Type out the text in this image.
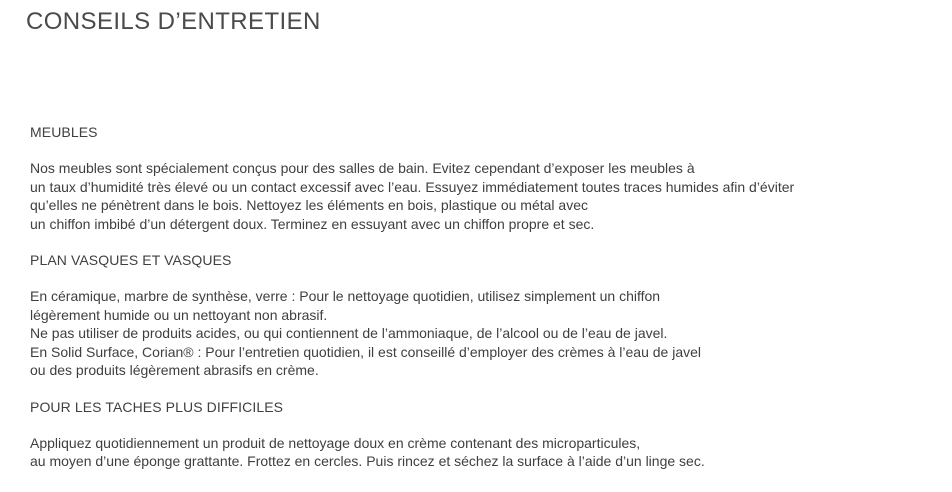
CONSEILS D’ENTRETIEN
MEUBLES

Nos meubles sont spécialement conçus pour des salles de bain. Evitez cependant d’exposer les meubles à
un taux d’humidité très élevé ou un contact excessif avec l’eau. Essuyez immédiatement toutes traces humides afin d’éviter
qu’elles ne pénètrent dans le bois. Nettoyez les éléments en bois, plastique ou métal avec
un chiffon imbibé d’un détergent doux. Terminez en essuyant avec un chiffon propre et sec.

PLAN VASQUES ET VASQUES

En céramique, marbre de synthèse, verre : Pour le nettoyage quotidien, utilisez simplement un chiffon
légèrement humide ou un nettoyant non abrasif.
Ne pas utiliser de produits acides, ou qui contiennent de l’ammoniaque, de l’alcool ou de l’eau de javel.
En Solid Surface, Corian® : Pour l’entretien quotidien, il est conseillé d’employer des crèmes à l’eau de javel
ou des produits légèrement abrasifs en crème.

POUR LES TACHES PLUS DIFFICILES

Appliquez quotidiennement un produit de nettoyage doux en crème contenant des microparticules,
au moyen d’une éponge grattante. Frottez en cercles. Puis rincez et séchez la surface à l’aide d’un linge sec.
